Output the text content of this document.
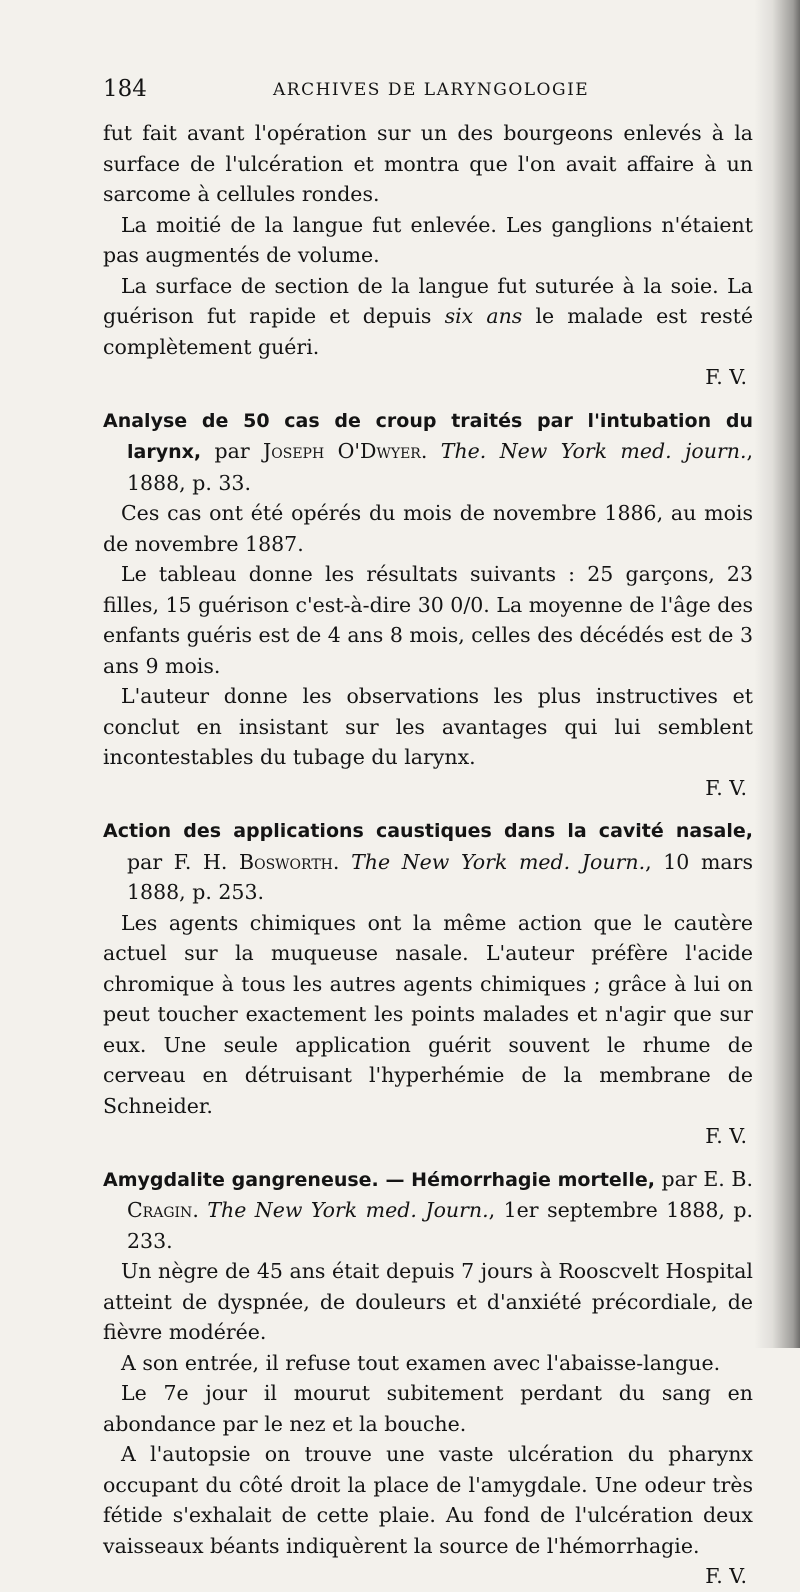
184	ARCHIVES DE LARYNGOLOGIE

fut fait avant l'opération sur un des bourgeons enlevés à la surface de l'ulcération et montra que l'on avait affaire à un sarcome à cellules rondes.

La moitié de la langue fut enlevée. Les ganglions n'étaient pas augmentés de volume.

La surface de section de la langue fut suturée à la soie. La guérison fut rapide et depuis six ans le malade est resté complètement guéri.

F. V.

Analyse de 50 cas de croup traités par l'intubation du larynx, par Joseph O'Dwyer. The. New York med. journ., 1888, p. 33.

Ces cas ont été opérés du mois de novembre 1886, au mois de novembre 1887.

Le tableau donne les résultats suivants : 25 garçons, 23 filles, 15 guérison c'est-à-dire 30 0/0. La moyenne de l'âge des enfants guéris est de 4 ans 8 mois, celles des décédés est de 3 ans 9 mois.

L'auteur donne les observations les plus instructives et conclut en insistant sur les avantages qui lui semblent incontestables du tubage du larynx.

F. V.

Action des applications caustiques dans la cavité nasale, par F. H. Bosworth. The New York med. Journ., 10 mars 1888, p. 253.

Les agents chimiques ont la même action que le cautère actuel sur la muqueuse nasale. L'auteur préfère l'acide chromique à tous les autres agents chimiques ; grâce à lui on peut toucher exactement les points malades et n'agir que sur eux. Une seule application guérit souvent le rhume de cerveau en détruisant l'hyperhémie de la membrane de Schneider.

F. V.

Amygdalite gangreneuse. — Hémorrhagie mortelle, par E. B. Cragin. The New York med. Journ., 1er septembre 1888, p. 233.

Un nègre de 45 ans était depuis 7 jours à Rooscvelt Hospital atteint de dyspnée, de douleurs et d'anxiété précordiale, de fièvre modérée.

A son entrée, il refuse tout examen avec l'abaisse-langue.

Le 7e jour il mourut subitement perdant du sang en abondance par le nez et la bouche.

A l'autopsie on trouve une vaste ulcération du pharynx occupant du côté droit la place de l'amygdale. Une odeur très fétide s'exhalait de cette plaie. Au fond de l'ulcération deux vaisseaux béants indiquèrent la source de l'hémorrhagie.

F. V.
